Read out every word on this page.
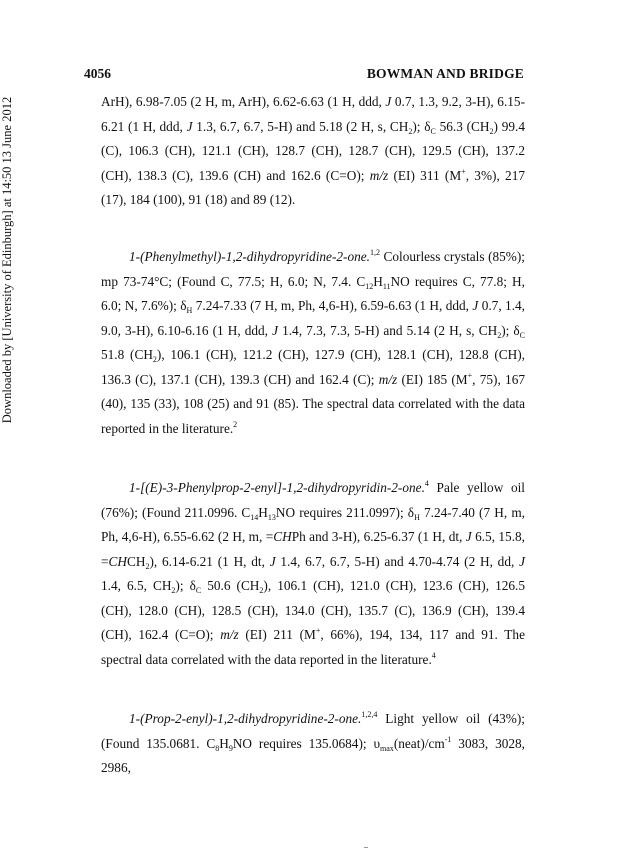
4056	BOWMAN AND BRIDGE
Downloaded by [University of Edinburgh] at 14:50 13 June 2012	ArH), 6.98-7.05 (2 H, m, ArH), 6.62-6.63 (1 H, ddd, J 0.7, 1.3, 9.2, 3-H), 6.15-6.21 (1 H, ddd, J 1.3, 6.7, 6.7, 5-H) and 5.18 (2 H, s, $CH_2$); $\delta_C$ 56.3 $(CH_2)$ 99.4 (C), 106.3 (CH), 121.1 (CH), 128.7 (CH), 128.7 (CH), 129.5 (CH), 137.2 (CH), 138.3 (C), 139.6 (CH) and 162.6 (C=O); m/z (EI) 311 (M+, 3%), 217 (17), 184 (100), 91 (18) and 89 (12).
1-(Phenylmethyl)-1,2-dihydropyridine-2-one.$^{1,2}$ Colourless crystals (85%); mp 73-74°C; (Found C, 77.5; H, 6.0; N, 7.4. $C_{12}H_{11}NO$ requires C, 77.8; H, 6.0; N, 7.6%); $\delta_H$ 7.24-7.33 (7 H, m, Ph, 4,6-H), 6.59-6.63 (1 H, ddd, J 0.7, 1.4, 9.0, 3-H), 6.10-6.16 (1 H, ddd, J 1.4, 7.3, 7.3, 5-H) and 5.14 (2 H, s, $CH_2$); $\delta_C$ 51.8 $(CH_2)$, 106.1 (CH), 121.2 (CH), 127.9 (CH), 128.1 (CH), 128.8 (CH), 136.3 (C), 137.1 (CH), 139.3 (CH) and 162.4 (C); m/z (EI) 185 (M+, 75), 167 (40), 135 (33), 108 (25) and 91 (85). The spectral data correlated with the data reported in the literature.$^2$
1-[(E)-3-Phenylprop-2-enyl]-1,2-dihydropyridin-2-one.$^4$ Pale yellow oil (76%); (Found 211.0996. $C_{14}H_{13}NO$ requires 211.0997); $\delta_H$ 7.24-7.40 (7 H, m, Ph, 4,6-H), 6.55-6.62 (2 H, m, =CHPh and 3-H), 6.25-6.37 (1 H, dt, J 6.5, 15.8, $=CHCH_2$), 6.14-6.21 (1 H, dt, J 1.4, 6.7, 6.7, 5-H) and 4.70-4.74 (2 H, dd, J 1.4, 6.5, $CH_2$); $\delta_C$ 50.6 $(CH_2)$, 106.1 (CH), 121.0 (CH), 123.6 (CH), 126.5 (CH), 128.0 (CH), 128.5 (CH), 134.0 (CH), 135.7 (C), 136.9 (CH), 139.4 (CH), 162.4 (C=O); m/z (EI) 211 (M+, 66%), 194, 134, 117 and 91. The spectral data correlated with the data reported in the literature.$^4$
1-(Prop-2-enyl)-1,2-dihydropyridine-2-one.$^{1,2,4}$ Light yellow oil (43%); (Found 135.0681. $C_8H_9NO$ requires 135.0684); $\upsilon_{max}(neat)/cm^{-1}$ 3083, 3028, 2986,
